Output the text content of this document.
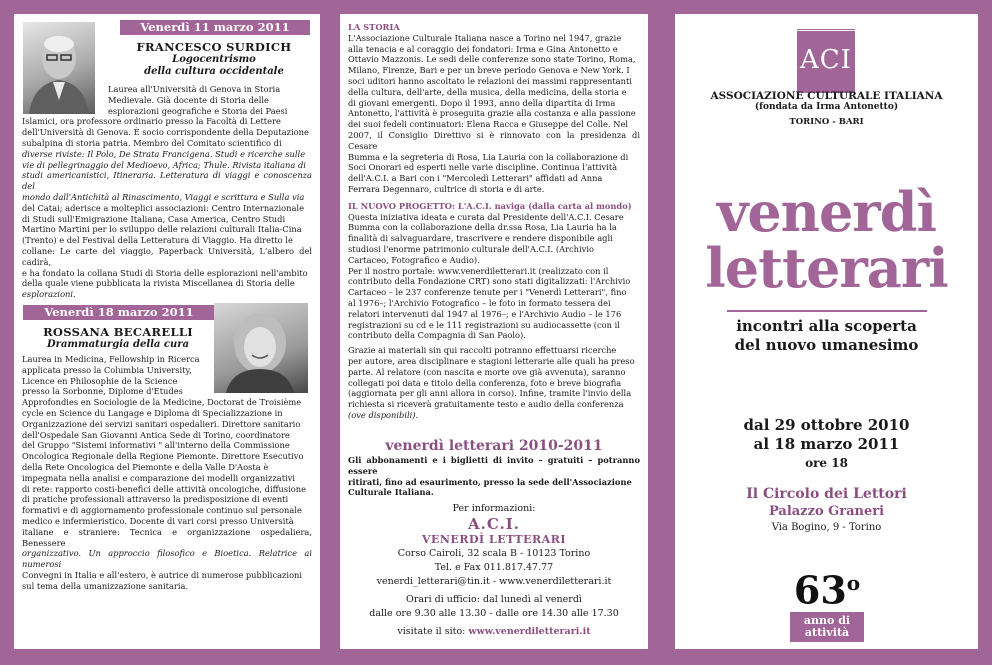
Venerdì 11 marzo 2011
FRANCESCO SURDICH
Logocentrismo
della cultura occidentale
Laurea all'Università di Genova in Storia
Medievale. Già docente di Storia delle
esplorazioni geografiche e Storia dei Paesi
Islamici, ora professore ordinario presso la Facoltà di Lettere
dell'Università di Genova. È socio corrispondente della Deputazione
subalpina di storia patria. Membro del Comitato scientifico di
diverse riviste: Il Polo, De Strata Francigena. Studi e ricerche sulle
vie di pellegrinaggio del Medioevo, Africa; Thule. Rivista italiana di
studi americanistici, Itineraria. Letteratura di viaggi e conoscenza del
mondo dall'Antichità al Rinascimento, Viaggi e scrittura e Sulla via
del Catai; aderisce a molteplici associazioni: Centro Internazionale
di Studi sull'Emigrazione Italiana, Casa America, Centro Studi
Martino Martini per lo sviluppo delle relazioni culturali Italia-Cina
(Trento) e del Festival della Letteratura di Viaggio. Ha diretto le
collane: Le carte del viaggio, Paperback Università, L'albero del cadirà,
e ha fondato la collana Studi di Storia delle esplorazioni nell'ambito
della quale viene pubblicata la rivista Miscellanea di Storia delle
esplorazioni.
Venerdì 18 marzo 2011
ROSSANA BECARELLI
Drammaturgia della cura
Laurea in Medicina, Fellowship in Ricerca
applicata presso la Columbia University,
Licence en Philosophie de la Science
presso la Sorbonne, Diplome d'Etudes
Approfondies en Sociologie de la Medicine, Doctorat de Troisième
cycle en Science du Langage e Diploma di Specializzazione in
Organizzazione dei servizi sanitari ospedalieri. Direttore sanitario
dell'Ospedale San Giovanni Antica Sede di Torino, coordinatore
del Gruppo "Sistemi informativi " all'interno della Commissione
Oncologica Regionale della Regione Piemonte. Direttore Esecutivo
della Rete Oncologica del Piemonte e della Valle D'Aosta è
impegnata nella analisi e comparazione dei modelli organizzativi
di rete: rapporto costi-benefici delle attività oncologiche, diffusione
di pratiche professionali attraverso la predisposizione di eventi
formativi e di aggiornamento professionale continuo sul personale
medico e infermieristico. Docente di vari corsi presso Università
italiane e straniere: Tecnica e organizzazione ospedaliera, Benessere
organizzativo. Un approccio filosofico e Bioetica. Relatrice ai numerosi
Convegni in Italia e all'estero, è autrice di numerose pubblicazioni
sul tema della umanizzazione sanitaria.
LA STORIA
L'Associazione Culturale Italiana nasce a Torino nel 1947, grazie
alla tenacia e al coraggio dei fondatori: Irma e Gina Antonetto e
Ottavio Mazzonis. Le sedi delle conferenze sono state Torino, Roma,
Milano, Firenze, Bari e per un breve periodo Genova e New York. I
soci uditori hanno ascoltato le relazioni dei massimi rappresentanti
della cultura, dell'arte, della musica, della medicina, della storia e
di giovani emergenti. Dopo il 1993, anno della dipartita di Irma
Antonetto, l'attività è proseguita grazie alla costanza e alla passione
dei suoi fedeli continuatori: Elena Racca e Giuseppe del Colle. Nel
2007, il Consiglio Direttivo si è rinnovato con la presidenza di Cesare
Bumma e la segreteria di Rosa, Lia Lauria con la collaborazione di
Soci Onorari ed esperti nelle varie discipline. Continua l'attività
dell'A.C.I. a Bari con i "Mercoledì Letterari" affidati ad Anna
Ferrara Degennaro, cultrice di storia e di arte.
IL NUOVO PROGETTO: L'A.C.I. naviga (dalla carta al mondo)
Questa iniziativa ideata e curata dal Presidente dell'A.C.I. Cesare
Bumma con la collaborazione della dr.ssa Rosa, Lia Lauria ha la
finalità di salvaguardare, trascrivere e rendere disponibile agli
studiosi l'enorme patrimonio culturale dell'A.C.I. (Archivio
Cartaceo, Fotografico e Audio).
Per il nostro portale: www.venerdiletterari.it (realizzato con il
contributo della Fondazione CRT) sono stati digitalizzati: l'Archivio
Cartaceo – le 237 conferenze tenute per i "Venerdì Letterari", fino
al 1976–; l'Archivio Fotografico – le foto in formato tessera dei
relatori intervenuti dal 1947 al 1976–; e l'Archivio Audio – le 176
registrazioni su cd e le 111 registrazioni su audiocassette (con il
contributo della Compagnia di San Paolo).
Grazie ai materiali sin qui raccolti potranno effettuarsi ricerche
per autore, area disciplinare e stagioni letterarie alle quali ha preso
parte. Al relatore (con nascita e morte ove già avvenuta), saranno
collegati poi data e titolo della conferenza, foto e breve biografia
(aggiornata per gli anni allora in corso). Infine, tramite l'invio della
richiesta si riceverà gratuitamente testo e audio della conferenza
(ove disponibili).
venerdì letterari 2010-2011
Gli abbonamenti e i biglietti di invito – gratuiti – potranno essere
ritirati, fino ad esaurimento, presso la sede dell'Associazione
Culturale Italiana.
Per informazioni:
A.C.I.
VENERDÌ LETTERARI
Corso Cairoli, 32 scala B - 10123 Torino
Tel. e Fax 011.817.47.77
venerdi_letterari@tin.it - www.venerdiletterari.it
Orari di ufficio: dal lunedì al venerdì
dalle ore 9.30 alle 13.30 - dalle ore 14.30 alle 17.30
visitate il sito: www.venerdiletterari.it
ACI
ASSOCIAZIONE CULTURALE ITALIANA
(fondata da Irma Antonetto)
TORINO - BARI
venerdì
letterari
incontri alla scoperta
del nuovo umanesimo
dal 29 ottobre 2010
al 18 marzo 2011
ore 18
Il Circolo dei Lettori
Palazzo Graneri
Via Bogino, 9 - Torino
63$^o$
anno di
attività
